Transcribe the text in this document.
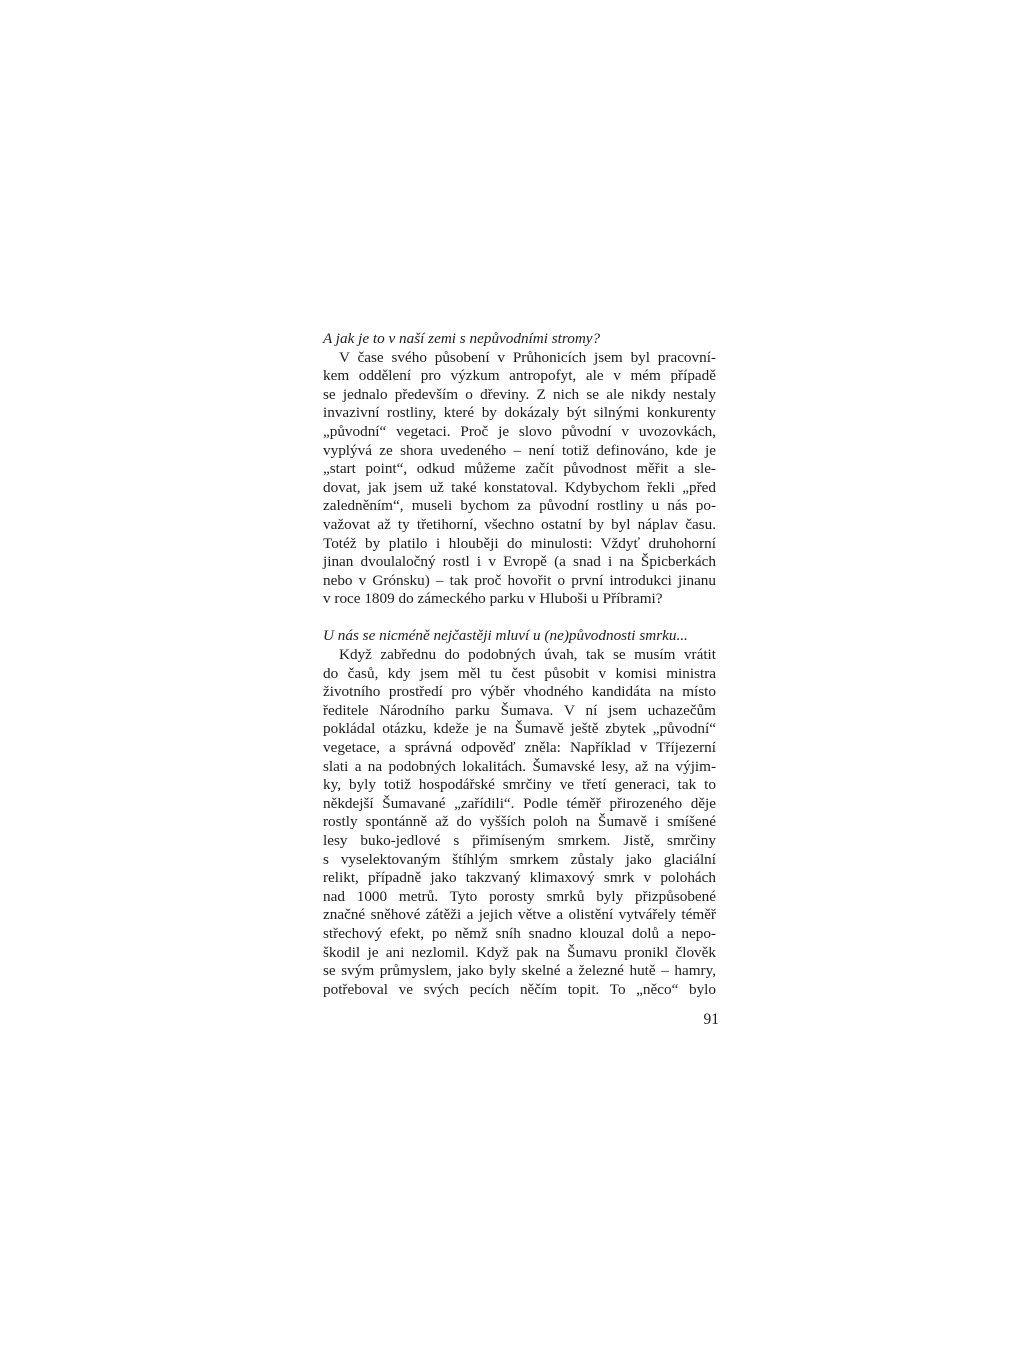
A jak je to v naší zemi s nepůvodními stromy?
V čase svého působení v Průhonicích jsem byl pracovní-
kem oddělení pro výzkum antropofyt, ale v mém případě
se jednalo především o dřeviny. Z nich se ale nikdy nestaly
invazivní rostliny, které by dokázaly být silnými konkurenty
„původní“ vegetaci. Proč je slovo původní v uvozovkách,
vyplývá ze shora uvedeného – není totiž definováno, kde je
„start point“, odkud můžeme začít původnost měřit a sle-
dovat, jak jsem už také konstatoval. Kdybychom řekli „před
zaledněním“, museli bychom za původní rostliny u nás po-
važovat až ty třetihorní, všechno ostatní by byl náplav času.
Totéž by platilo i hlouběji do minulosti: Vždyť druhohorní
jinan dvoulaločný rostl i v Evropě (a snad i na Špicberkách
nebo v Grónsku) – tak proč hovořit o první introdukci jinanu
v roce 1809 do zámeckého parku v Hluboši u Příbrami?
U nás se nicméně nejčastěji mluví u (ne)původnosti smrku...
Když zabřednu do podobných úvah, tak se musím vrátit
do časů, kdy jsem měl tu čest působit v komisi ministra
životního prostředí pro výběr vhodného kandidáta na místo
ředitele Národního parku Šumava. V ní jsem uchazečům
pokládal otázku, kdeže je na Šumavě ještě zbytek „původní“
vegetace, a správná odpověď zněla: Například v Tříjezerní
slati a na podobných lokalitách. Šumavské lesy, až na výjim-
ky, byly totiž hospodářské smrčiny ve třetí generaci, tak to
někdejší Šumavané „zařídili“. Podle téměř přirozeného děje
rostly spontánně až do vyšších poloh na Šumavě i smíšené
lesy buko-jedlové s přimíseným smrkem. Jistě, smrčiny
s vyselektovaným štíhlým smrkem zůstaly jako glaciální
relikt, případně jako takzvaný klimaxový smrk v polohách
nad 1000 metrů. Tyto porosty smrků byly přizpůsobené
značné sněhové zátěži a jejich větve a olistění vytvářely téměř
střechový efekt, po němž sníh snadno klouzal dolů a nepo-
škodil je ani nezlomil. Když pak na Šumavu pronikl člověk
se svým průmyslem, jako byly skelné a železné hutě – hamry,
potřeboval ve svých pecích něčím topit. To „něco“ bylo
91
